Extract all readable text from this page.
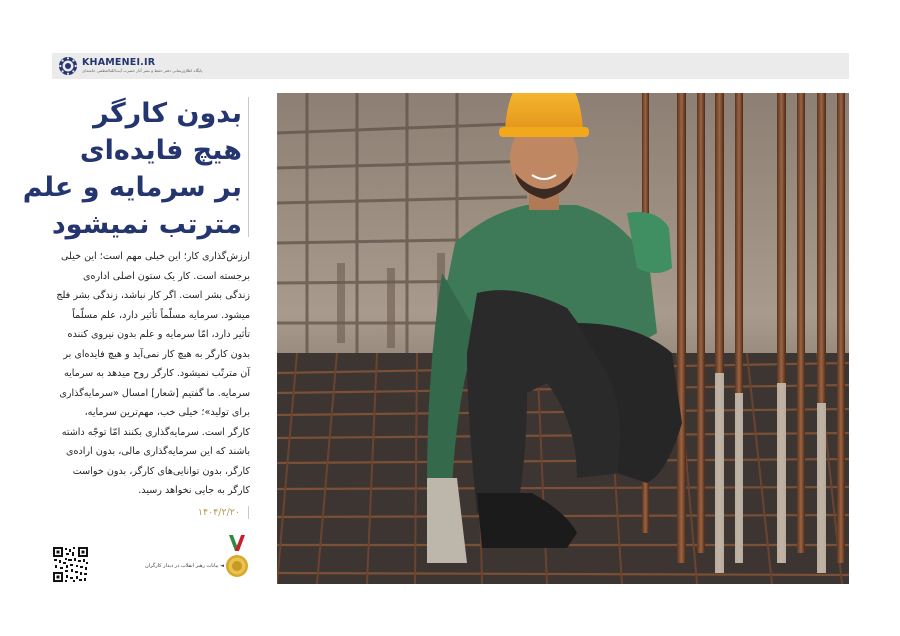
KHAMENEI.IR
پایگاه اطلاع‌رسانی دفتر حفظ و نشر آثار حضرت آیت‌الله‌العظمی خامنه‌ای
بدون کارگر
هیچ فایده‌ای
بر سرمایه و علم
مترتب نمیشود
ارزش‌گذاری کار؛ این خیلی مهم است؛ این خیلی
برجسته است. کار یک ستون اصلی اداره‌ی
زندگی بشر است. اگر کار نباشد، زندگی بشر فلج
میشود. سرمایه مسلّماً تأثیر دارد، علم مسلّماً
تأثیر دارد، امّا سرمایه و علم بدون نیروی کننده
بدون کارگر به هیچ کار نمی‌آید و هیچ فایده‌ای بر
آن مترتّب نمیشود. کارگر روح میدهد به سرمایه
سرمایه. ما گفتیم [شعار] امسال «سرمایه‌گذاری
برای تولید»؛ خیلی خب، مهم‌ترین سرمایه،
کارگر است. سرمایه‌گذاری بکنند امّا توجّه داشته
باشند که این سرمایه‌گذاری مالی، بدون اراده‌ی
کارگر، بدون توانایی‌های کارگر، بدون خواست
کارگر به جایی نخواهد رسید.
۱۴۰۴/۲/۲۰
◄ بیانات رهبر انقلاب در دیدار کارگران
